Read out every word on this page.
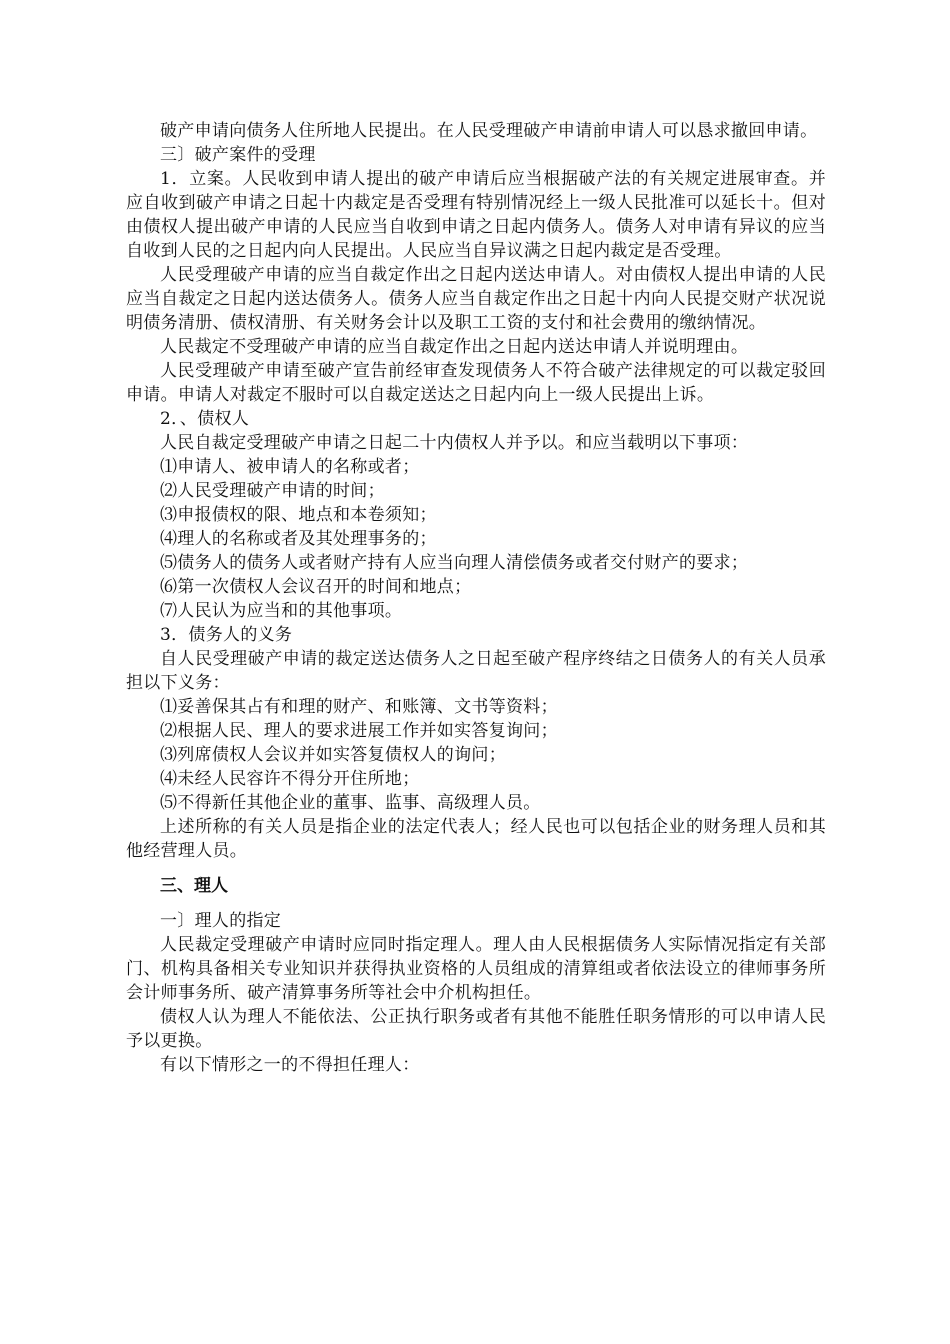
破产申请向债务人住所地人民提出。在人民受理破产申请前申请人可以恳求撤回申请。

三〕破产案件的受理

1．立案。人民收到申请人提出的破产申请后应当根据破产法的有关规定进展审查。并应自收到破产申请之日起十内裁定是否受理有特别情况经上一级人民批准可以延长十。但对由债权人提出破产申请的人民应当自收到申请之日起内债务人。债务人对申请有异议的应当自收到人民的之日起内向人民提出。人民应当自异议满之日起内裁定是否受理。

人民受理破产申请的应当自裁定作出之日起内送达申请人。对由债权人提出申请的人民应当自裁定之日起内送达债务人。债务人应当自裁定作出之日起十内向人民提交财产状况说明债务清册、债权清册、有关财务会计以及职工工资的支付和社会费用的缴纳情况。

人民裁定不受理破产申请的应当自裁定作出之日起内送达申请人并说明理由。

人民受理破产申请至破产宣告前经审查发现债务人不符合破产法律规定的可以裁定驳回申请。申请人对裁定不服时可以自裁定送达之日起内向上一级人民提出上诉。

2．、债权人

人民自裁定受理破产申请之日起二十内债权人并予以。和应当载明以下事项：

⑴申请人、被申请人的名称或者；

⑵人民受理破产申请的时间；

⑶申报债权的限、地点和本卷须知；

⑷理人的名称或者及其处理事务的；

⑸债务人的债务人或者财产持有人应当向理人清偿债务或者交付财产的要求；

⑹第一次债权人会议召开的时间和地点；

⑺人民认为应当和的其他事项。

3．债务人的义务

自人民受理破产申请的裁定送达债务人之日起至破产程序终结之日债务人的有关人员承担以下义务：

⑴妥善保其占有和理的财产、和账簿、文书等资料；

⑵根据人民、理人的要求进展工作并如实答复询问；

⑶列席债权人会议并如实答复债权人的询问；

⑷未经人民容许不得分开住所地；

⑸不得新任其他企业的董事、监事、高级理人员。

上述所称的有关人员是指企业的法定代表人；经人民也可以包括企业的财务理人员和其他经营理人员。

三、理人

一〕理人的指定

人民裁定受理破产申请时应同时指定理人。理人由人民根据债务人实际情况指定有关部门、机构具备相关专业知识并获得执业资格的人员组成的清算组或者依法设立的律师事务所会计师事务所、破产清算事务所等社会中介机构担任。

债权人认为理人不能依法、公正执行职务或者有其他不能胜任职务情形的可以申请人民予以更换。

有以下情形之一的不得担任理人：
